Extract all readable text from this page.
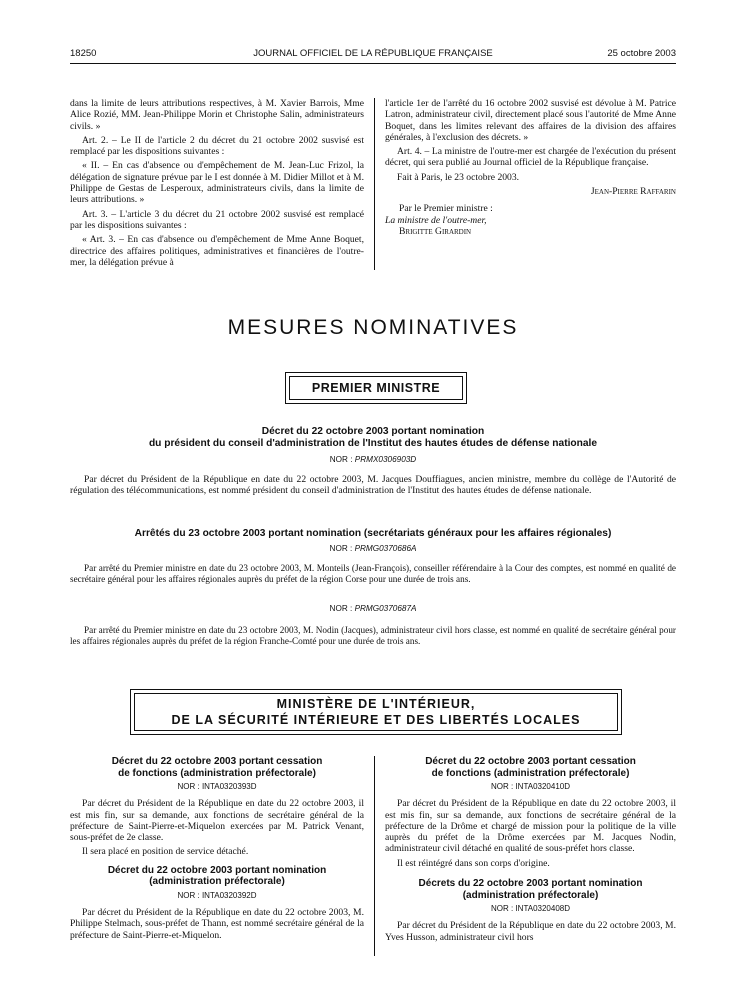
18250	JOURNAL OFFICIEL DE LA RÉPUBLIQUE FRANÇAISE	25 octobre 2003

dans la limite de leurs attributions respectives, à M. Xavier Barrois, Mme Alice Rozié, MM. Jean-Philippe Morin et Christophe Salin, administrateurs civils. »

Art. 2. – Le II de l'article 2 du décret du 21 octobre 2002 susvisé est remplacé par les dispositions suivantes :

« II. – En cas d'absence ou d'empêchement de M. Jean-Luc Frizol, la délégation de signature prévue par le I est donnée à M. Didier Millot et à M. Philippe de Gestas de Lesperoux, administrateurs civils, dans la limite de leurs attributions. »

Art. 3. – L'article 3 du décret du 21 octobre 2002 susvisé est remplacé par les dispositions suivantes :

« Art. 3. – En cas d'absence ou d'empêchement de Mme Anne Boquet, directrice des affaires politiques, administratives et financières de l'outre-mer, la délégation prévue à

l'article 1er de l'arrêté du 16 octobre 2002 susvisé est dévolue à M. Patrice Latron, administrateur civil, directement placé sous l'autorité de Mme Anne Boquet, dans les limites relevant des affaires de la division des affaires générales, à l'exclusion des décrets. »

Art. 4. – La ministre de l'outre-mer est chargée de l'exécution du présent décret, qui sera publié au Journal officiel de la République française.

Fait à Paris, le 23 octobre 2003.

Jean-Pierre Raffarin

Par le Premier ministre :

La ministre de l'outre-mer,

Brigitte Girardin

MESURES NOMINATIVES
PREMIER MINISTRE
Décret du 22 octobre 2003 portant nomination
du président du conseil d'administration de l'Institut des hautes études de défense nationale
NOR : PRMX0306903D
Par décret du Président de la République en date du 22 octobre 2003, M. Jacques Douffiagues, ancien ministre, membre du collège de l'Autorité de régulation des télécommunications, est nommé président du conseil d'administration de l'Institut des hautes études de défense nationale.
Arrêtés du 23 octobre 2003 portant nomination (secrétariats généraux pour les affaires régionales)
NOR : PRMG0370686A
Par arrêté du Premier ministre en date du 23 octobre 2003, M. Monteils (Jean-François), conseiller référendaire à la Cour des comptes, est nommé en qualité de secrétaire général pour les affaires régionales auprès du préfet de la région Corse pour une durée de trois ans.
NOR : PRMG0370687A
Par arrêté du Premier ministre en date du 23 octobre 2003, M. Nodin (Jacques), administrateur civil hors classe, est nommé en qualité de secrétaire général pour les affaires régionales auprès du préfet de la région Franche-Comté pour une durée de trois ans.
MINISTÈRE DE L'INTÉRIEUR,
DE LA SÉCURITÉ INTÉRIEURE ET DES LIBERTÉS LOCALES
Décret du 22 octobre 2003 portant cessation
de fonctions (administration préfectorale)
NOR : INTA0320393D

Par décret du Président de la République en date du 22 octobre 2003, il est mis fin, sur sa demande, aux fonctions de secrétaire général de la préfecture de Saint-Pierre-et-Miquelon exercées par M. Patrick Venant, sous-préfet de 2e classe.

Il sera placé en position de service détaché.

Décret du 22 octobre 2003 portant nomination
(administration préfectorale)
NOR : INTA0320392D

Par décret du Président de la République en date du 22 octobre 2003, M. Philippe Stelmach, sous-préfet de Thann, est nommé secrétaire général de la préfecture de Saint-Pierre-et-Miquelon.

Décret du 22 octobre 2003 portant cessation
de fonctions (administration préfectorale)
NOR : INTA0320410D

Par décret du Président de la République en date du 22 octobre 2003, il est mis fin, sur sa demande, aux fonctions de secrétaire général de la préfecture de la Drôme et chargé de mission pour la politique de la ville auprès du préfet de la Drôme exercées par M. Jacques Nodin, administrateur civil détaché en qualité de sous-préfet hors classe.

Il est réintégré dans son corps d'origine.

Décrets du 22 octobre 2003 portant nomination
(administration préfectorale)
NOR : INTA0320408D

Par décret du Président de la République en date du 22 octobre 2003, M. Yves Husson, administrateur civil hors
